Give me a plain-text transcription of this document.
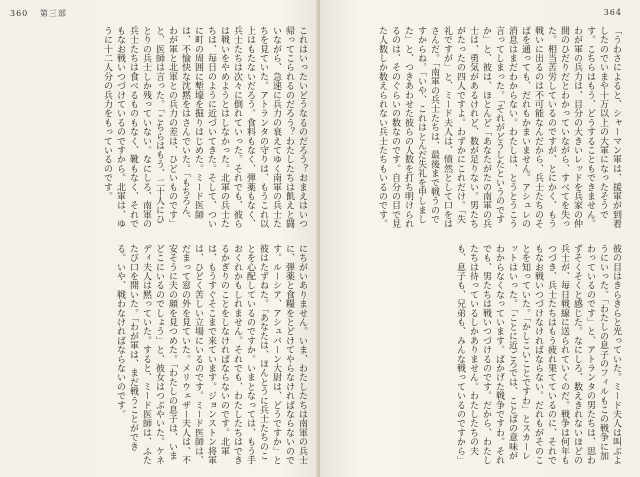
360 第三部

これはいったいどうなるのだろう？おまえはいつ帰ってこられるのだろう？わたしたちは飢えと闘いながら、急速に兵力の衰えてゆく南軍の兵士たちを見ていた。アトランタの守りは、もうこれ以上はもたないだろう。食料もなく、弾薬もなく、兵士たちは次々に倒れていった。それでも、彼らは戦いをやめようとはしなかった。北軍の兵士たちは、毎日のように近づいてきた。そして、ついに町の周囲に塹壕を掘りはじめた。ミード医師は、不愉快な沈黙をはさんでいた。「もちろん、わが軍と北軍との兵力の差は、ひどいものです」と、医師は言った。「こちらはもう、二十人にひとりの兵士しか残っていない。なにしろ、南軍の兵士たちは食べるものもなく、靴もなく、それでもなお戦いつづけているのですから。北軍は、ゆうに十二人分の兵力をもっているのです。

にちがいありません。いま、わたしたちは南軍の兵士に、弾薬と食糧をとどけてやらなければならないのです。ルーシア、アシュバーン大尉は、どうですか」と彼はたずねた。「あなたは、ほんとうに兵士たちのことを心配しているのですか。いまとなっては、もう手おくれかもしれません。それでも、わたしたちはできるかぎりのことをしなければならないのです。北軍は、もうすぐそこまで来ています。ジョンストン将軍は、ひどく苦しい立場にいるのです。ミード医師は、だまって窓の外を見ていた。メリウェザー夫人は、不安そうに夫の顔を見つめた。「わたしの息子は、いまどこにいるのでしょう」と、彼女はつぶやいた。ケネディ夫人は黙っていた。すると、ミード医師は、ふたたび口を開いた。「わが軍は、まだ戦うことができる。いや、戦わなければならないのです。

364

「うわさによると、シャーマン軍は、援軍が到着したのでいまや十万以上の大軍になったそうです。こちらはもう、どうすることもできません。わが軍の兵力は、目分の大きいレッドを兵家の仲間のひだりだとわかっていながら、すべてを失った。相当苦労しているのですが、とにかく、もう戦いに出るのは不可能なんだから、兵士たちのそばを通っても、だれもかまいません。アシュレの消息はまだわからない。わたしは、とうとうこう言ってしまった。「それがどうしたというのですか」と、彼は、ほとんど「あなたがたの南軍の兵士は、勇気があるけれど、数が足りない。男たちがたったの四人ですよ。わずかにこれだけ。「失礼ですが」と、ミード夫人は、憤然として口をはさんだ。「南軍の兵士たちは、最後まで戦うのですからね。「いや、これはとんだ失礼を申しました」と、つきあわせた彼らの人数を打ち明けられるのは、そのぐらいの数なのです。自分の目で見た人数しか数えられない兵士たちもいるのです。

彼の目はきらきらと光っていた。ミード夫人は叫ぶようにいった。「わたしの息子のフィルもこの戦争に加わっているのです」と、アトランタの男たちは、思わずそくそくと感じた。なにしろ、数えきれないほどの兵士が、毎日戦線に送られていくのだ。戦争は何年もつづき、兵士たちはもう疲れ果てているのに、それでもなお戦いつづけなければならない。だれもがそのことを知っていた。「かしこいことですわ」とスカーレットはいった。「ことに近ごろでは、ことばの意味がわからなくなっています。ばかげた戦争ですわ。それでも、男たちは戦いつづけるのです。だから、わたしたちは待っているしかありません。わたしたちの夫も、息子も、兄弟も、みんな戦っているのですから」
